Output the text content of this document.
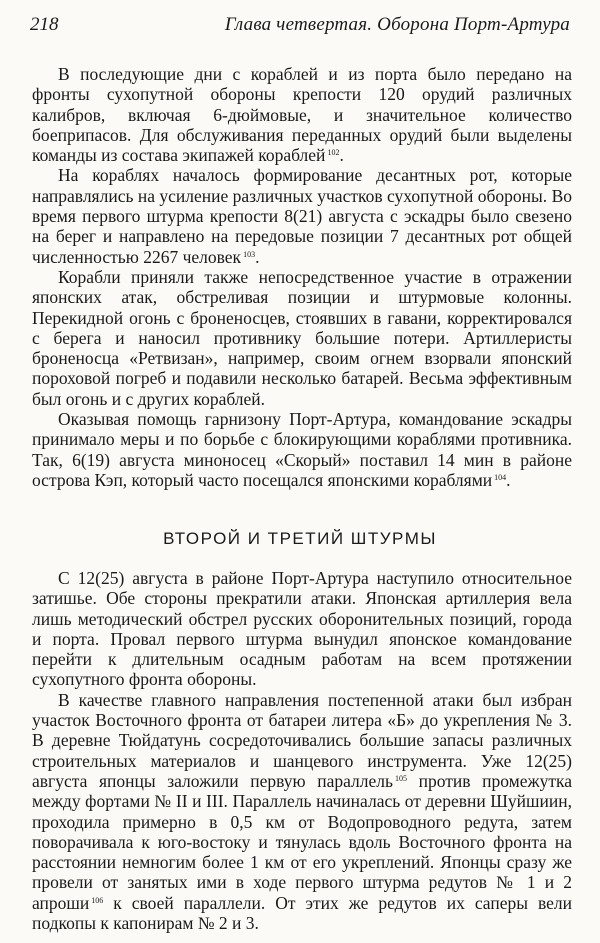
218	Глава четвертая. Оборона Порт-Артура

В последующие дни с кораблей и из порта было передано на фронты сухопутной обороны крепости 120 орудий различных калибров, включая 6-дюймовые, и значительное количество боеприпасов. Для обслуживания переданных орудий были выделены команды из состава экипажей кораблей $^{102}$.

На кораблях началось формирование десантных рот, которые направлялись на усиление различных участков сухопутной обороны. Во время первого штурма крепости 8(21) августа с эскадры было свезено на берег и направлено на передовые позиции 7 десантных рот общей численностью 2267 человек $^{103}$.

Корабли приняли также непосредственное участие в отражении японских атак, обстреливая позиции и штурмовые колонны. Перекидной огонь с броненосцев, стоявших в гавани, корректировался с берега и наносил противнику большие потери. Артиллеристы броненосца «Ретвизан», например, своим огнем взорвали японский пороховой погреб и подавили несколько батарей. Весьма эффективным был огонь и с других кораблей.

Оказывая помощь гарнизону Порт-Артура, командование эскадры принимало меры и по борьбе с блокирующими кораблями противника. Так, 6(19) августа миноносец «Скорый» поставил 14 мин в районе острова Кэп, который часто посещался японскими кораблями $^{104}$.

ВТОРОЙ И ТРЕТИЙ ШТУРМЫ

С 12(25) августа в районе Порт-Артура наступило относительное затишье. Обе стороны прекратили атаки. Японская артиллерия вела лишь методический обстрел русских оборонительных позиций, города и порта. Провал первого штурма вынудил японское командование перейти к длительным осадным работам на всем протяжении сухопутного фронта обороны.

В качестве главного направления постепенной атаки был избран участок Восточного фронта от батареи литера «Б» до укрепления № 3. В деревне Тюйдатунь сосредоточивались большие запасы различных строительных материалов и шанцевого инструмента. Уже 12(25) августа японцы заложили первую параллель $^{105}$ против промежутка между фортами № II и III. Параллель начиналась от деревни Шуйшиин, проходила примерно в 0,5 км от Водопроводного редута, затем поворачивала к юго-востоку и тянулась вдоль Восточного фронта на расстоянии немногим более 1 км от его укреплений. Японцы сразу же провели от занятых ими в ходе первого штурма редутов № 1 и 2 апроши $^{106}$ к своей параллели. От этих же редутов их саперы вели подкопы к капонирам № 2 и 3.
